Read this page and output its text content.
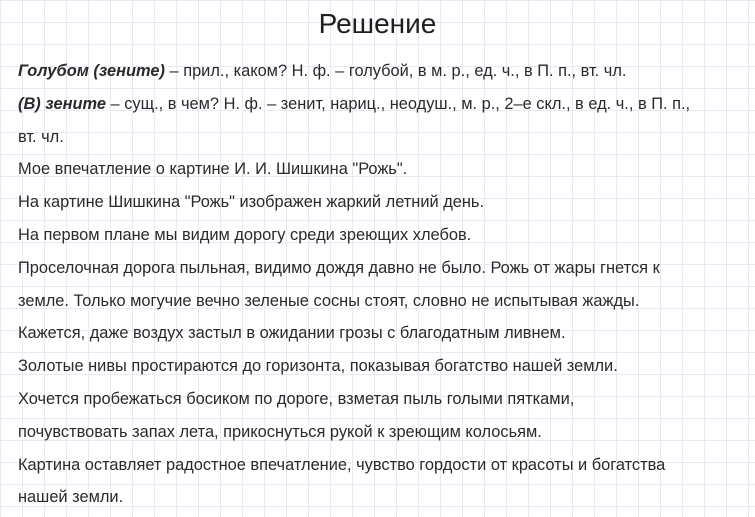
Решение
Голубом (зените) – прил., каком? Н. ф. – голубой, в м. р., ед. ч., в П. п., вт. чл.
(В) зените – сущ., в чем? Н. ф. – зенит, нариц., неодуш., м. р., 2–е скл., в ед. ч., в П. п.,
вт. чл.
Мое впечатление о картине И. И. Шишкина "Рожь".
На картине Шишкина "Рожь" изображен жаркий летний день.
На первом плане мы видим дорогу среди зреющих хлебов.
Проселочная дорога пыльная, видимо дождя давно не было. Рожь от жары гнется к
земле. Только могучие вечно зеленые сосны стоят, словно не испытывая жажды.
Кажется, даже воздух застыл в ожидании грозы с благодатным ливнем.
Золотые нивы простираются до горизонта, показывая богатство нашей земли.
Хочется пробежаться босиком по дороге, взметая пыль голыми пятками,
почувствовать запах лета, прикоснуться рукой к зреющим колосьям.
Картина оставляет радостное впечатление, чувство гордости от красоты и богатства
нашей земли.
